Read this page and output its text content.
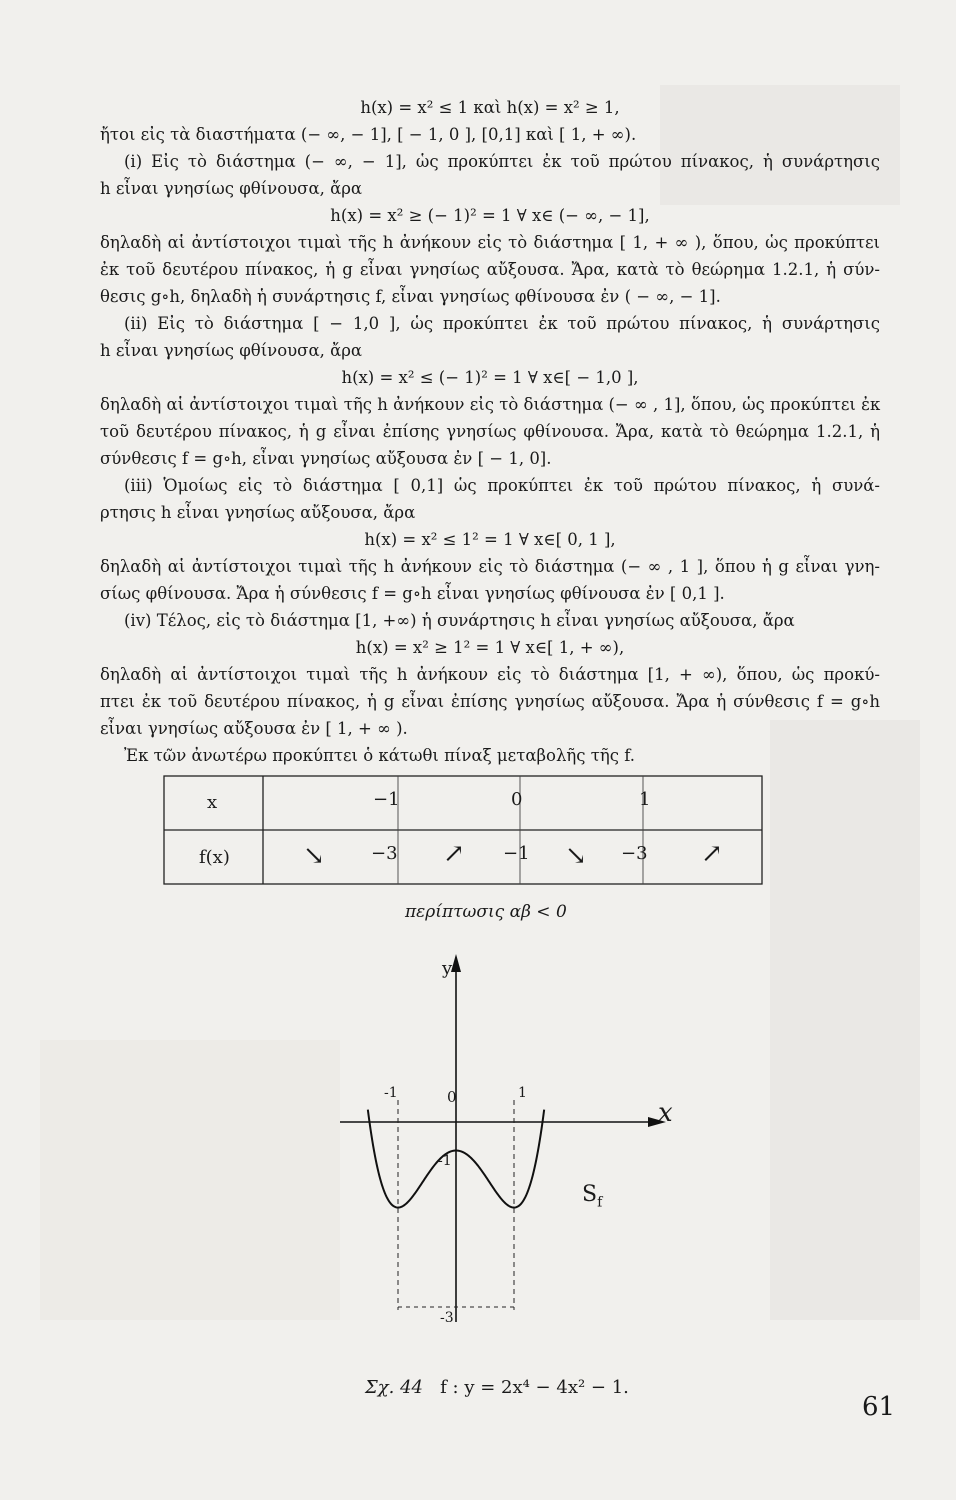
h(x) = x² ≤ 1 καὶ h(x) = x² ≥ 1,
ἤτοι εἰς τὰ διαστήματα (− ∞, − 1], [ − 1, 0 ], [0,1] καὶ [ 1, + ∞).
(i) Εἰς τὸ διάστημα (− ∞, − 1], ὡς προκύπτει ἐκ τοῦ πρώτου πίνακος, ἡ συνάρτησις
h εἶναι γνησίως φθίνουσα, ἄρα
h(x) = x² ≥ (− 1)² = 1 ∀ x∈ (− ∞, − 1],
δηλαδὴ αἱ ἀντίστοιχοι τιμαὶ τῆς h ἀνήκουν εἰς τὸ διάστημα [ 1, + ∞ ), ὅπου, ὡς προκύπτει
ἐκ τοῦ δευτέρου πίνακος, ἡ g εἶναι γνησίως αὔξουσα. Ἄρα, κατὰ τὸ θεώρημα 1.2.1, ἡ σύν-
θεσις g∘h, δηλαδὴ ἡ συνάρτησις f, εἶναι γνησίως φθίνουσα ἐν ( − ∞, − 1].
(ii) Εἰς τὸ διάστημα [ − 1,0 ], ὡς προκύπτει ἐκ τοῦ πρώτου πίνακος, ἡ συνάρτησις
h εἶναι γνησίως φθίνουσα, ἄρα
h(x) = x² ≤ (− 1)² = 1 ∀ x∈[ − 1,0 ],
δηλαδὴ αἱ ἀντίστοιχοι τιμαὶ τῆς h ἀνήκουν εἰς τὸ διάστημα (− ∞ , 1], ὅπου, ὡς προκύπτει ἐκ
τοῦ δευτέρου πίνακος, ἡ g εἶναι ἐπίσης γνησίως φθίνουσα. Ἄρα, κατὰ τὸ θεώρημα 1.2.1, ἡ
σύνθεσις f = g∘h, εἶναι γνησίως αὔξουσα ἐν [ − 1, 0].
(iii) Ὁμοίως εἰς τὸ διάστημα [ 0,1] ὡς προκύπτει ἐκ τοῦ πρώτου πίνακος, ἡ συνά-
ρτησις h εἶναι γνησίως αὔξουσα, ἄρα
h(x) = x² ≤ 1² = 1 ∀ x∈[ 0, 1 ],
δηλαδὴ αἱ ἀντίστοιχοι τιμαὶ τῆς h ἀνήκουν εἰς τὸ διάστημα (− ∞ , 1 ], ὅπου ἡ g εἶναι γνη-
σίως φθίνουσα. Ἄρα ἡ σύνθεσις f = g∘h εἶναι γνησίως φθίνουσα ἐν [ 0,1 ].
(iv) Τέλος, εἰς τὸ διάστημα [1, +∞) ἡ συνάρτησις h εἶναι γνησίως αὔξουσα, ἄρα
h(x) = x² ≥ 1² = 1 ∀ x∈[ 1, + ∞),
δηλαδὴ αἱ ἀντίστοιχοι τιμαὶ τῆς h ἀνήκουν εἰς τὸ διάστημα [1, + ∞), ὅπου, ὡς προκύ-
πτει ἐκ τοῦ δευτέρου πίνακος, ἡ g εἶναι ἐπίσης γνησίως αὔξουσα. Ἄρα ἡ σύνθεσις f = g∘h
εἶναι γνησίως αὔξουσα ἐν [ 1, + ∞ ).
Ἐκ τῶν ἀνωτέρω προκύπτει ὁ κάτωθι πίναξ μεταβολῆς τῆς f.
x	−1	0	1
f(x)	↘	−3 ↗ −1 ↘ −3 ↗
περίπτωσις αβ < 0
y
x
0
-1	1
-1
-3
$S_f$
Σχ. 44 f : y = 2x⁴ − 4x² − 1.
61
